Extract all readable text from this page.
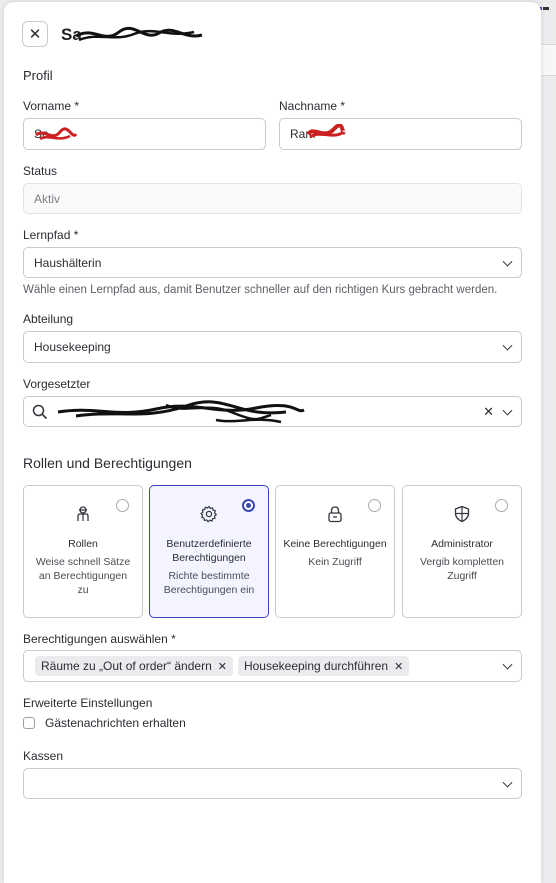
✕ Sa
Profil
Vorname *
Sa
Nachname *
Ram
Status
Aktiv
Lernpfad *
Haushälterin
Wähle einen Lernpfad aus, damit Benutzer schneller auf den richtigen Kurs gebracht werden.
Abteilung
Housekeeping
Vorgesetzter
✕
Rollen und Berechtigungen
Rollen
Weise schnell Sätze an Berechtigungen zu
Benutzerdefinierte Berechtigungen
Richte bestimmte Berechtigungen ein
Keine Berechtigungen
Kein Zugriff
Administrator
Vergib kompletten Zugriff
Berechtigungen auswählen *
Räume zu „Out of order“ ändern ✕ Housekeeping durchführen ✕
Erweiterte Einstellungen
Gästenachrichten erhalten
Kassen
